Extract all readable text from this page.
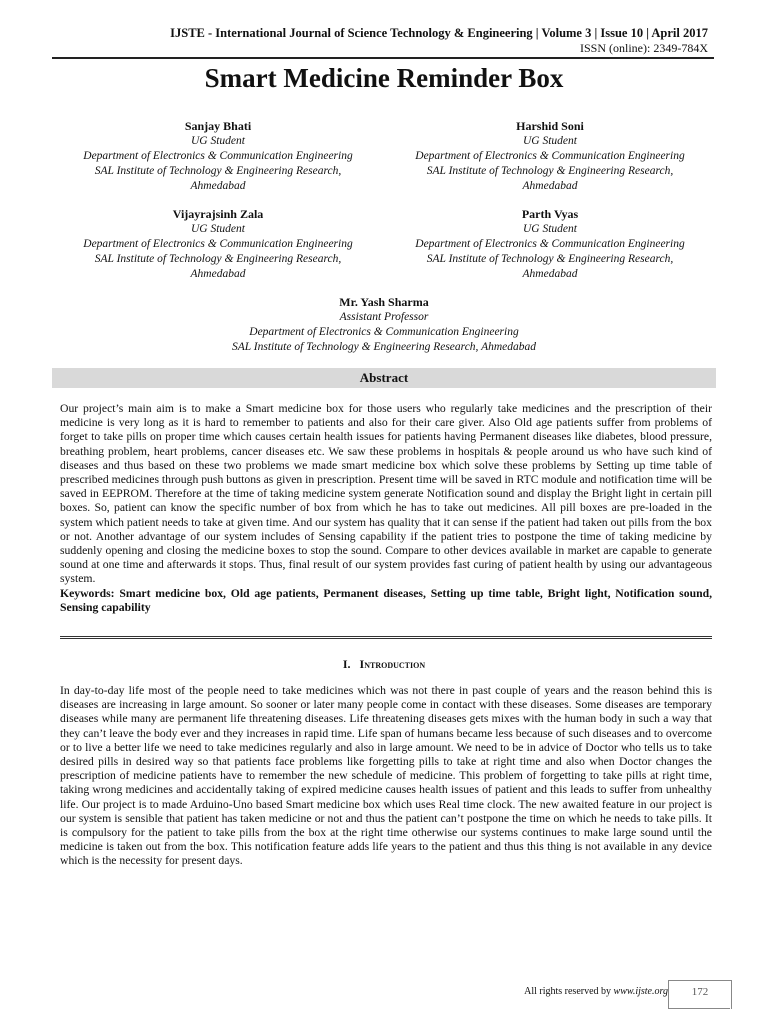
IJSTE - International Journal of Science Technology & Engineering | Volume 3 | Issue 10 | April 2017
ISSN (online): 2349-784X
Smart Medicine Reminder Box
Sanjay Bhati
UG Student
Department of Electronics & Communication Engineering
SAL Institute of Technology & Engineering Research,
Ahmedabad
Harshid Soni
UG Student
Department of Electronics & Communication Engineering
SAL Institute of Technology & Engineering Research,
Ahmedabad
Vijayrajsinh Zala
UG Student
Department of Electronics & Communication Engineering
SAL Institute of Technology & Engineering Research,
Ahmedabad
Parth Vyas
UG Student
Department of Electronics & Communication Engineering
SAL Institute of Technology & Engineering Research,
Ahmedabad
Mr. Yash Sharma
Assistant Professor
Department of Electronics & Communication Engineering
SAL Institute of Technology & Engineering Research, Ahmedabad
Abstract
Our project’s main aim is to make a Smart medicine box for those users who regularly take medicines and the prescription of their medicine is very long as it is hard to remember to patients and also for their care giver. Also Old age patients suffer from problems of forget to take pills on proper time which causes certain health issues for patients having Permanent diseases like diabetes, blood pressure, breathing problem, heart problems, cancer diseases etc. We saw these problems in hospitals & people around us who have such kind of diseases and thus based on these two problems we made smart medicine box which solve these problems by Setting up time table of prescribed medicines through push buttons as given in prescription. Present time will be saved in RTC module and notification time will be saved in EEPROM. Therefore at the time of taking medicine system generate Notification sound and display the Bright light in certain pill boxes. So, patient can know the specific number of box from which he has to take out medicines. All pill boxes are pre-loaded in the system which patient needs to take at given time. And our system has quality that it can sense if the patient had taken out pills from the box or not. Another advantage of our system includes of Sensing capability if the patient tries to postpone the time of taking medicine by suddenly opening and closing the medicine boxes to stop the sound. Compare to other devices available in market are capable to generate sound at one time and afterwards it stops. Thus, final result of our system provides fast curing of patient health by using our advantageous system.
Keywords: Smart medicine box, Old age patients, Permanent diseases, Setting up time table, Bright light, Notification sound, Sensing capability
I. Introduction
In day-to-day life most of the people need to take medicines which was not there in past couple of years and the reason behind this is diseases are increasing in large amount. So sooner or later many people come in contact with these diseases. Some diseases are temporary diseases while many are permanent life threatening diseases. Life threatening diseases gets mixes with the human body in such a way that they can’t leave the body ever and they increases in rapid time. Life span of humans became less because of such diseases and to overcome or to live a better life we need to take medicines regularly and also in large amount. We need to be in advice of Doctor who tells us to take desired pills in desired way so that patients face problems like forgetting pills to take at right time and also when Doctor changes the prescription of medicine patients have to remember the new schedule of medicine. This problem of forgetting to take pills at right time, taking wrong medicines and accidentally taking of expired medicine causes health issues of patient and this leads to suffer from unhealthy life. Our project is to made Arduino-Uno based Smart medicine box which uses Real time clock. The new awaited feature in our project is our system is sensible that patient has taken medicine or not and thus the patient can’t postpone the time on which he needs to take pills. It is compulsory for the patient to take pills from the box at the right time otherwise our systems continues to make large sound until the medicine is taken out from the box. This notification feature adds life years to the patient and thus this thing is not available in any device which is the necessity for present days.
All rights reserved by www.ijste.org	172
